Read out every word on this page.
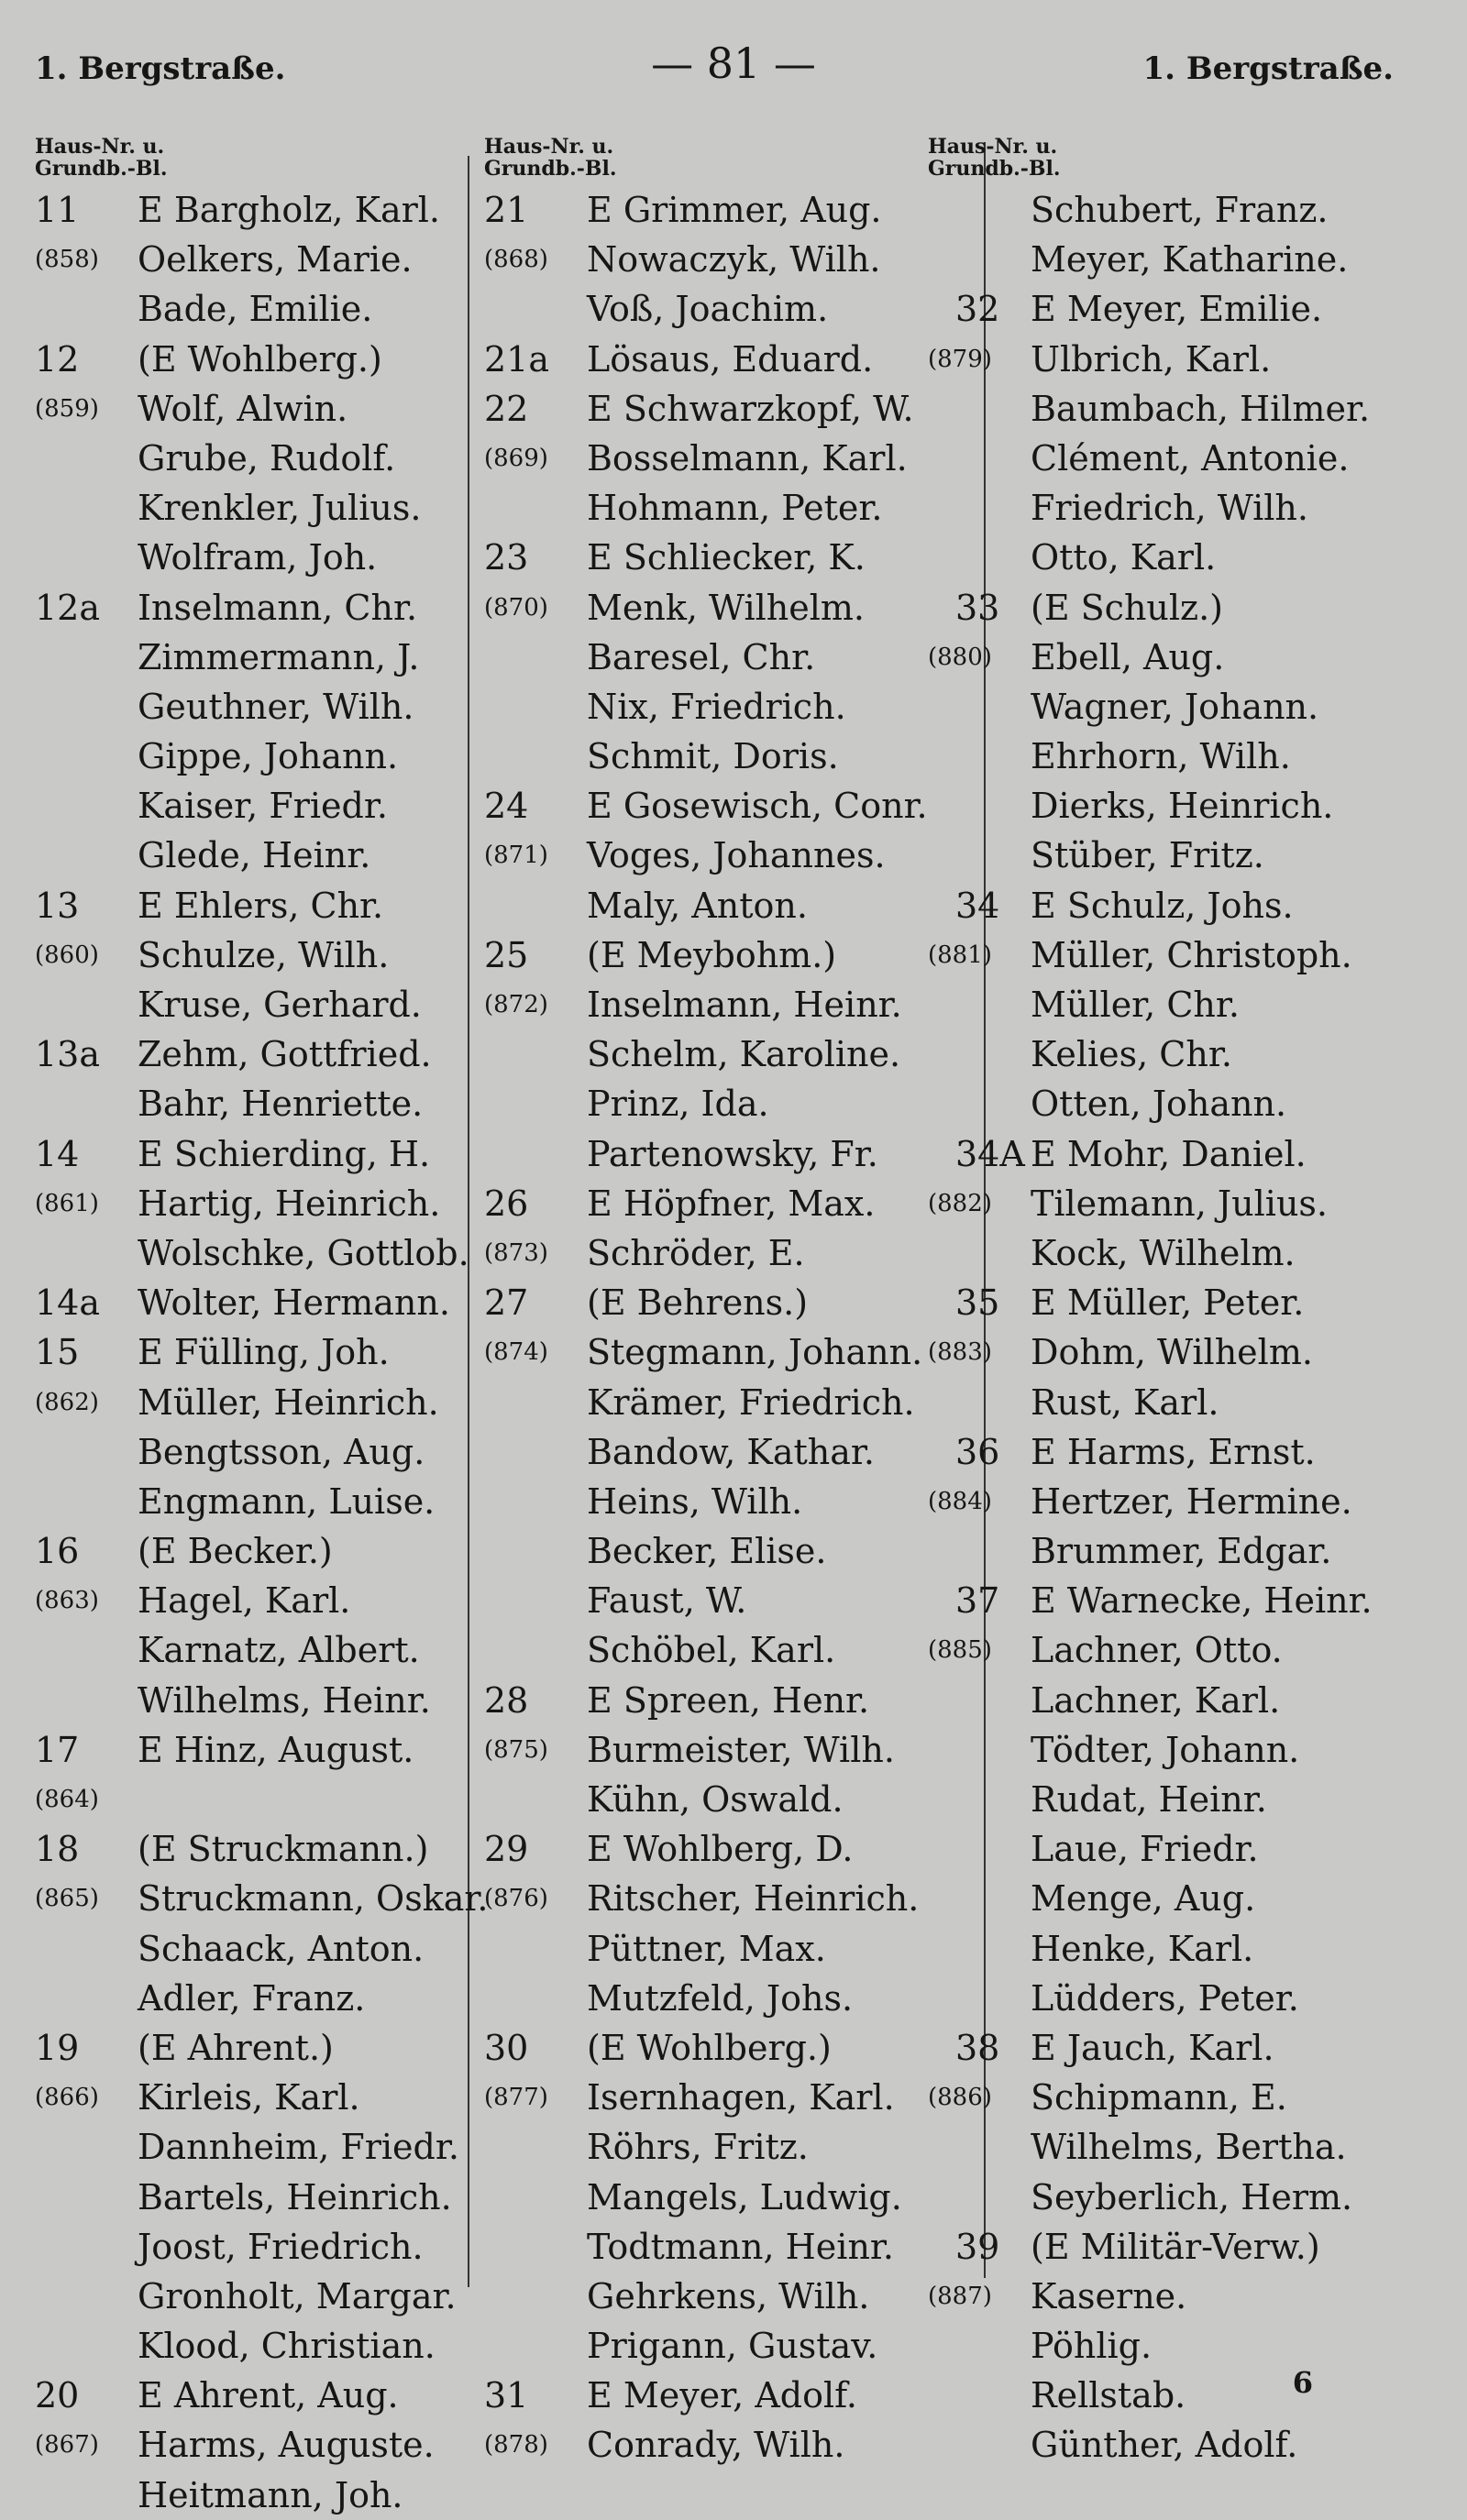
1. Bergstraße.	— 81 —	1. Bergstraße.
Haus-Nr. u.
Grundb.-Bl.
11 E Bargholz, Karl.
(858) Oelkers, Marie.
Bade, Emilie.
12 (E Wohlberg.)
(859) Wolf, Alwin.
Grube, Rudolf.
Krenkler, Julius.
Wolfram, Joh.
12a Inselmann, Chr.
Zimmermann, J.
Geuthner, Wilh.
Gippe, Johann.
Kaiser, Friedr.
Glede, Heinr.
13 E Ehlers, Chr.
(860) Schulze, Wilh.
Kruse, Gerhard.
13a Zehm, Gottfried.
Bahr, Henriette.
14 E Schierding, H.
(861) Hartig, Heinrich.
Wolschke, Gottlob.
14a Wolter, Hermann.
15 E Fülling, Joh.
(862) Müller, Heinrich.
Bengtsson, Aug.
Engmann, Luise.
16 (E Becker.)
(863) Hagel, Karl.
Karnatz, Albert.
Wilhelms, Heinr.
17 E Hinz, August.
(864)
18 (E Struckmann.)
(865) Struckmann, Oskar.
Schaack, Anton.
Adler, Franz.
19 (E Ahrent.)
(866) Kirleis, Karl.
Dannheim, Friedr.
Bartels, Heinrich.
Joost, Friedrich.
Gronholt, Margar.
Klood, Christian.
20 E Ahrent, Aug.
(867) Harms, Auguste.
Heitmann, Joh.
Haus-Nr. u.
Grundb.-Bl.
21 E Grimmer, Aug.
(868) Nowaczyk, Wilh.
Voß, Joachim.
21a Lösaus, Eduard.
22 E Schwarzkopf, W.
(869) Bosselmann, Karl.
Hohmann, Peter.
23 E Schliecker, K.
(870) Menk, Wilhelm.
Baresel, Chr.
Nix, Friedrich.
Schmit, Doris.
24 E Gosewisch, Conr.
(871) Voges, Johannes.
Maly, Anton.
25 (E Meybohm.)
(872) Inselmann, Heinr.
Schelm, Karoline.
Prinz, Ida.
Partenowsky, Fr.
26 E Höpfner, Max.
(873) Schröder, E.
27 (E Behrens.)
(874) Stegmann, Johann.
Krämer, Friedrich.
Bandow, Kathar.
Heins, Wilh.
Becker, Elise.
Faust, W.
Schöbel, Karl.
28 E Spreen, Henr.
(875) Burmeister, Wilh.
Kühn, Oswald.
29 E Wohlberg, D.
(876) Ritscher, Heinrich.
Püttner, Max.
Mutzfeld, Johs.
30 (E Wohlberg.)
(877) Isernhagen, Karl.
Röhrs, Fritz.
Mangels, Ludwig.
Todtmann, Heinr.
Gehrkens, Wilh.
Prigann, Gustav.
31 E Meyer, Adolf.
(878) Conrady, Wilh.
Haus-Nr. u.
Grundb.-Bl.
Schubert, Franz.
Meyer, Katharine.
32 E Meyer, Emilie.
(879) Ulbrich, Karl.
Baumbach, Hilmer.
Clément, Antonie.
Friedrich, Wilh.
Otto, Karl.
33 (E Schulz.)
(880) Ebell, Aug.
Wagner, Johann.
Ehrhorn, Wilh.
Dierks, Heinrich.
Stüber, Fritz.
34 E Schulz, Johs.
(881) Müller, Christoph.
Müller, Chr.
Kelies, Chr.
Otten, Johann.
34A E Mohr, Daniel.
(882) Tilemann, Julius.
Kock, Wilhelm.
35 E Müller, Peter.
(883) Dohm, Wilhelm.
Rust, Karl.
36 E Harms, Ernst.
(884) Hertzer, Hermine.
Brummer, Edgar.
37 E Warnecke, Heinr.
(885) Lachner, Otto.
Lachner, Karl.
Tödter, Johann.
Rudat, Heinr.
Laue, Friedr.
Menge, Aug.
Henke, Karl.
Lüdders, Peter.
38 E Jauch, Karl.
(886) Schipmann, E.
Wilhelms, Bertha.
Seyberlich, Herm.
39 (E Militär-Verw.)
(887) Kaserne.
Pöhlig.
Rellstab.
Günther, Adolf.
6
